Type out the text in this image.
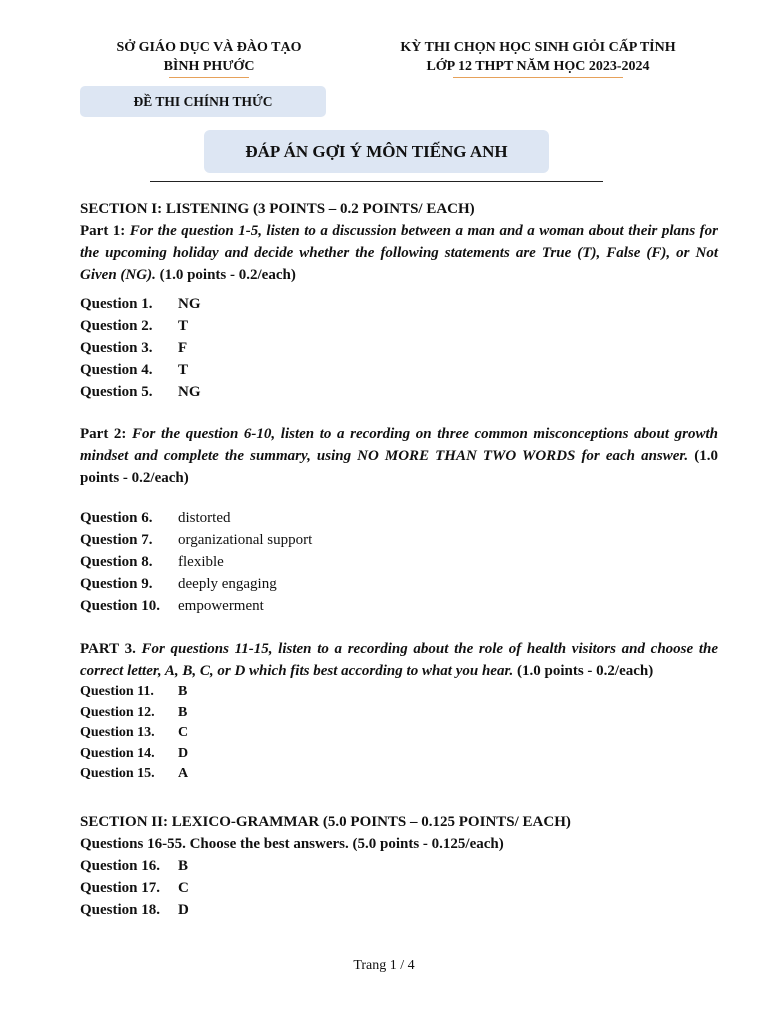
SỞ GIÁO DỤC VÀ ĐÀO TẠO
BÌNH PHƯỚC
KỲ THI CHỌN HỌC SINH GIỎI CẤP TỈNH
LỚP 12 THPT NĂM HỌC 2023-2024
ĐỀ THI CHÍNH THỨC
ĐÁP ÁN GỢI Ý MÔN TIẾNG ANH

SECTION I: LISTENING (3 POINTS – 0.2 POINTS/ EACH)

Part 1: For the question 1-5, listen to a discussion between a man and a woman about their plans for the upcoming holiday and decide whether the following statements are True (T), False (F), or Not Given (NG). (1.0 points - 0.2/each)

Question 1.	NG
Question 2.	T
Question 3.	F
Question 4.	T
Question 5.	NG

Part 2: For the question 6-10, listen to a recording on three common misconceptions about growth mindset and complete the summary, using NO MORE THAN TWO WORDS for each answer. (1.0 points - 0.2/each)

Question 6.	distorted
Question 7.	organizational support
Question 8.	flexible
Question 9.	deeply engaging
Question 10.	empowerment

PART 3. For questions 11-15, listen to a recording about the role of health visitors and choose the correct letter, A, B, C, or D which fits best according to what you hear. (1.0 points - 0.2/each)

Question 11.	B
Question 12.	B
Question 13.	C
Question 14.	D
Question 15.	A

SECTION II: LEXICO-GRAMMAR (5.0 POINTS – 0.125 POINTS/ EACH)

Questions 16-55. Choose the best answers. (5.0 points - 0.125/each)

Question 16.	B
Question 17.	C
Question 18.	D
Trang 1 / 4
